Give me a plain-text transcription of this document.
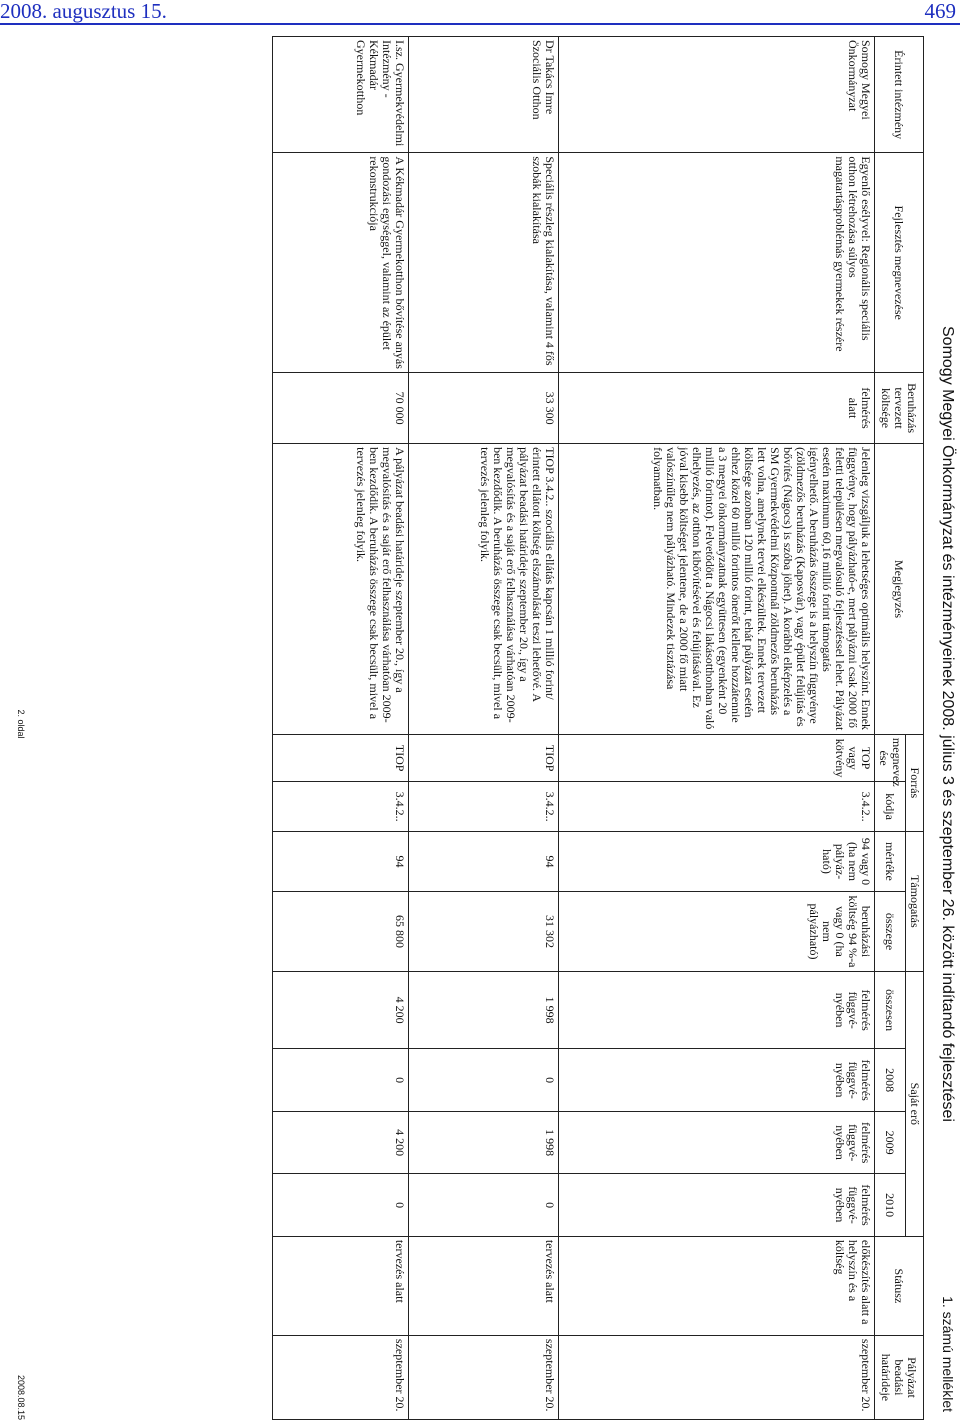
2008. augusztus 15.	469
Somogy Megyei Önkormányzat és intézményeinek 2008. július 3 és szeptember 26. között indítandó fejlesztései
1. számú melléklet
Érintett intézmény	Fejlesztés megnevezése	Beruházás tervezett költsége	Megjegyzés	Forrás		Támogatás		Saját erő				Státusz	Pályázat beadási határideje
				megnevez ése	kódja	mértéke	összege	összesen	2008	2009	2010		
Somogy Megyei Önkormányzat	Egyenlő esélyvel: Regionális speciális otthon létrehozása súlyos magatartásproblémás gyermekek részére	felmérés alatt	Jelenleg vizsgáljuk a lehetséges optimális helyszínt. Ennek függvénye, hogy pályázható-e, mert pályázni csak 2000 fő feletti településen megvalósuló fejlesztéssel lehet. Pályázat esetén maximum 60,16 millió forint támogatás igényelhető. A beruházás összege is a helyszín függvénye (zöldmezős beruházás (Kaposvár), vagy épület felújítás és bővítés (Nágocs) is szóba jöhet). A korábbi elképzelés a SM Gyermekvédelmi Központnál zöldmezős beruházás lett volna, amelynek tervei elkészültek. Ennek tervezett költsége azonban 120 millió forint, tehát pályázat esetén ehhez közel 60 millió forintos önerőt kellene hozzátennie a 3 megyei önkormányzatnak együttesen (egyenként 20 millió forintot). Felvetődött a Nágocsi lakásotthonban való elhelyezés, az otthon kibővítésével és felújításával. Ez jóval kisebb költséget jelentene, de a 2000 fő miatt valószínűleg nem pályázható. Mindezek tisztázása folyamatban.	TOP vagy kötvény	3.4.2..	94 vagy 0 (ha nem pályáz-ható)	beruházási költség 94 %-a vagy 0 (ha nem pályázható)	felmérés függvé-nyében	felmérés függvé-nyében	felmérés függvé-nyében	felmérés függvé-nyében	előkészítés alatt a helyszín és a költség	szeptember 20.
Dr Takács Imre Szociális Otthon	Speciális részleg kialakítása, valamint 4 fős szobák kialakítása	33 300	TIOP 3.4.2.. szociális ellátás kapcsán 1 millió forint/érintett ellátott költség elszámolását teszi lehetővé. A pályázat beadási határideje szeptember 20., így a megvalósítás és a saját erő felhasználása várhatóan 2009-ben kezdődik. A beruházás összege csak becsült, mivel a tervezés jelenleg folyik.	TIOP	3.4.2..	94	31 302	1 998	0	1 998	0	tervezés alatt	szeptember 20.
I.sz. Gyermekvédelmi Intézmény - Kékmadár Gyermekotthon	A Kékmadár Gyermekotthon bővítése anyás gondozási egységgel, valamint az épület rekonstrukciója	70 000	A pályázat beadási határideje szeptember 20., így a megvalósítás és a saját erő felhasználása várhatóan 2009-ben kezdődik. A beruházás összege csak becsült, mivel a tervezés jelenleg folyik.	TIOP	3.4.2..	94	65 800	4 200	0	4 200	0	tervezés alatt	szeptember 20.
2. oldal
2008.08.15
